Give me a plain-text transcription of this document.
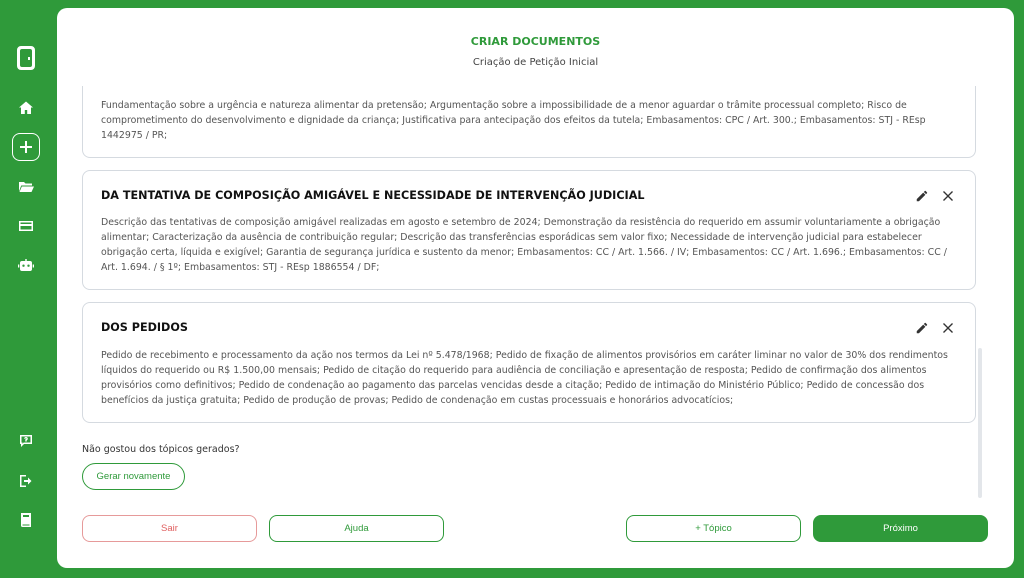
CRIAR DOCUMENTOS
Criação de Petição Inicial
Fundamentação sobre a urgência e natureza alimentar da pretensão; Argumentação sobre a impossibilidade de a menor aguardar o trâmite processual completo; Risco de comprometimento do desenvolvimento e dignidade da criança; Justificativa para antecipação dos efeitos da tutela; Embasamentos: CPC / Art. 300.; Embasamentos: STJ - REsp 1442975 / PR;
DA TENTATIVA DE COMPOSIÇÃO AMIGÁVEL E NECESSIDADE DE INTERVENÇÃO JUDICIAL
Descrição das tentativas de composição amigável realizadas em agosto e setembro de 2024; Demonstração da resistência do requerido em assumir voluntariamente a obrigação alimentar; Caracterização da ausência de contribuição regular; Descrição das transferências esporádicas sem valor fixo; Necessidade de intervenção judicial para estabelecer obrigação certa, líquida e exigível; Garantia de segurança jurídica e sustento da menor; Embasamentos: CC / Art. 1.566. / IV; Embasamentos: CC / Art. 1.696.; Embasamentos: CC / Art. 1.694. / § 1º; Embasamentos: STJ - REsp 1886554 / DF;
DOS PEDIDOS
Pedido de recebimento e processamento da ação nos termos da Lei nº 5.478/1968; Pedido de fixação de alimentos provisórios em caráter liminar no valor de 30% dos rendimentos líquidos do requerido ou R$ 1.500,00 mensais; Pedido de citação do requerido para audiência de conciliação e apresentação de resposta; Pedido de confirmação dos alimentos provisórios como definitivos; Pedido de condenação ao pagamento das parcelas vencidas desde a citação; Pedido de intimação do Ministério Público; Pedido de concessão dos benefícios da justiça gratuita; Pedido de produção de provas; Pedido de condenação em custas processuais e honorários advocatícios;
Não gostou dos tópicos gerados?
Gerar novamente
Sair	Ajuda	+ Tópico	Próximo
